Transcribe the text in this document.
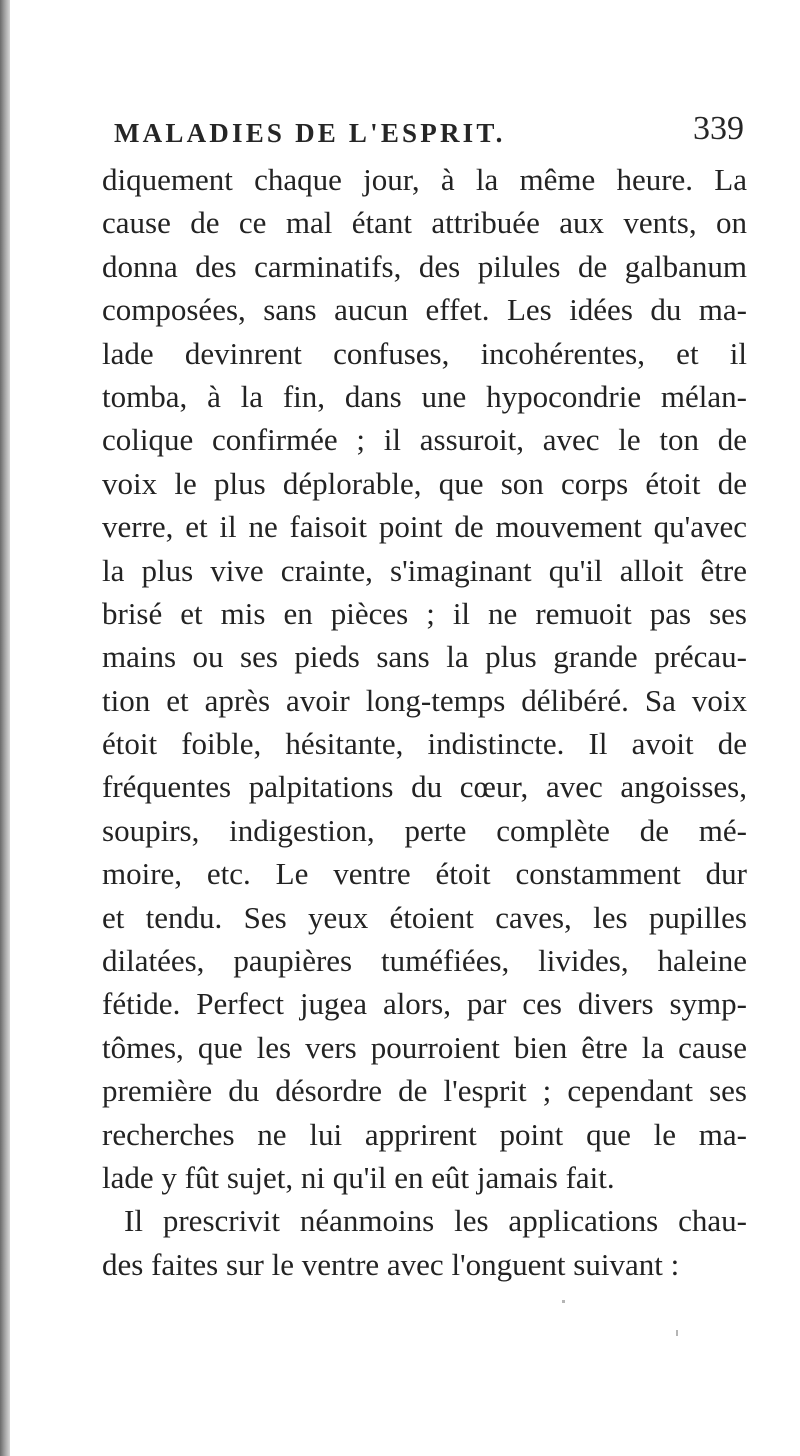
MALADIES DE L'ESPRIT.	339
diquement chaque jour, à la même heure. La
cause de ce mal étant attribuée aux vents, on
donna des carminatifs, des pilules de galbanum
composées, sans aucun effet. Les idées du ma-
lade devinrent confuses, incohérentes, et il
tomba, à la fin, dans une hypocondrie mélan-
colique confirmée ; il assuroit, avec le ton de
voix le plus déplorable, que son corps étoit de
verre, et il ne faisoit point de mouvement qu'avec
la plus vive crainte, s'imaginant qu'il alloit être
brisé et mis en pièces ; il ne remuoit pas ses
mains ou ses pieds sans la plus grande précau-
tion et après avoir long-temps délibéré. Sa voix
étoit foible, hésitante, indistincte. Il avoit de
fréquentes palpitations du cœur, avec angoisses,
soupirs, indigestion, perte complète de mé-
moire, etc. Le ventre étoit constamment dur
et tendu. Ses yeux étoient caves, les pupilles
dilatées, paupières tuméfiées, livides, haleine
fétide. Perfect jugea alors, par ces divers symp-
tômes, que les vers pourroient bien être la cause
première du désordre de l'esprit ; cependant ses
recherches ne lui apprirent point que le ma-
lade y fût sujet, ni qu'il en eût jamais fait.
Il prescrivit néanmoins les applications chau-
des faites sur le ventre avec l'onguent suivant :
